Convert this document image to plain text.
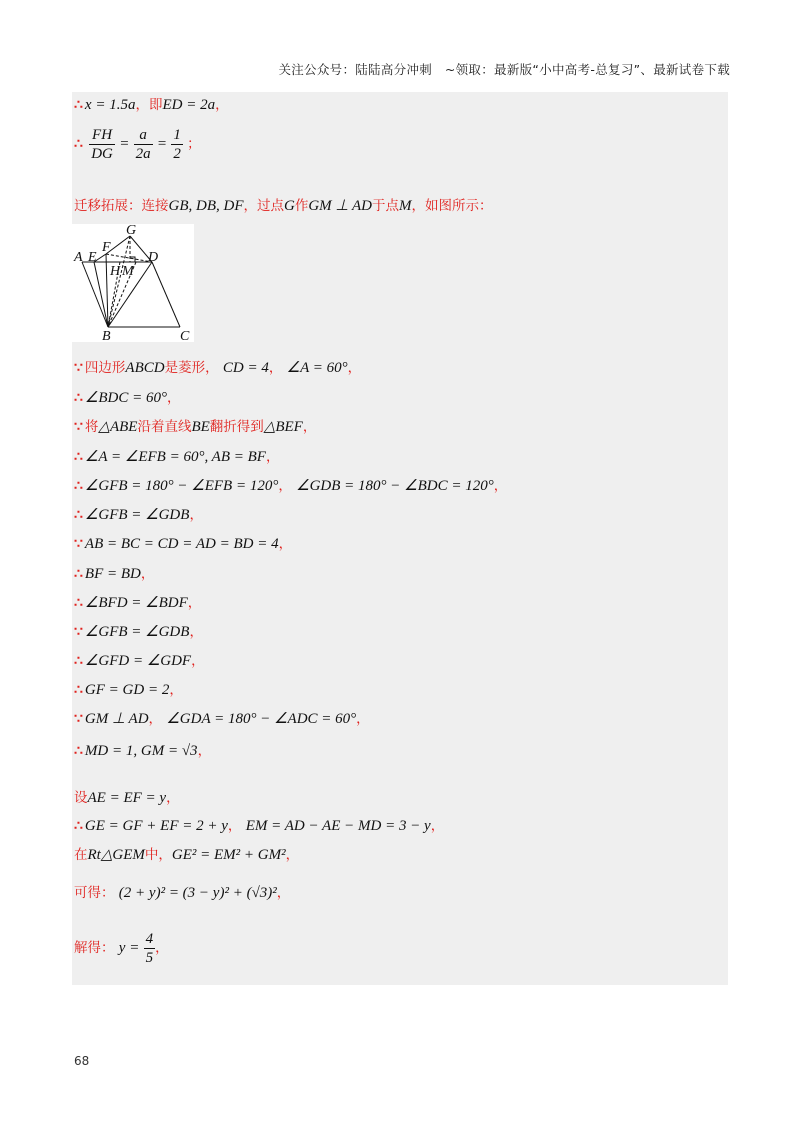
关注公众号：陆陆高分冲刺　~领取：最新版“小中高考-总复习”、最新试卷下载
∴ x = 1.5a，即ED = 2a，
∴ $\frac{FH}{DG} = \frac{a}{2a} = \frac{1}{2}$ ；
迁移拓展：连接GB, DB, DF，过点G作GM ⊥ AD于点M，如图所示：
A E
F
G
D
H M
B	C
∵ 四边形ABCD是菱形， CD = 4， ∠A = 60°，
∴ ∠BDC = 60°，
∵ 将△ABE沿着直线BE翻折得到△BEF，
∴ ∠A = ∠EFB = 60°, AB = BF，
∴ ∠GFB = 180° − ∠EFB = 120°， ∠GDB = 180° − ∠BDC = 120°，
∴ ∠GFB = ∠GDB，
∵ AB = BC = CD = AD = BD = 4，
∴ BF = BD，
∴ ∠BFD = ∠BDF，
∵ ∠GFB = ∠GDB，
∴ ∠GFD = ∠GDF，
∴ GF = GD = 2，
∵ GM ⊥ AD， ∠GDA = 180° − ∠ADC = 60°，
∴ MD = 1, GM = √3，
设AE = EF = y，
∴ GE = GF + EF = 2 + y， EM = AD − AE − MD = 3 − y，
在Rt△GEM中，GE² = EM² + GM²，
可得： (2 + y)² = (3 − y)² + (√3)²，
解得： $y = \frac{4}{5}$ ，
68
